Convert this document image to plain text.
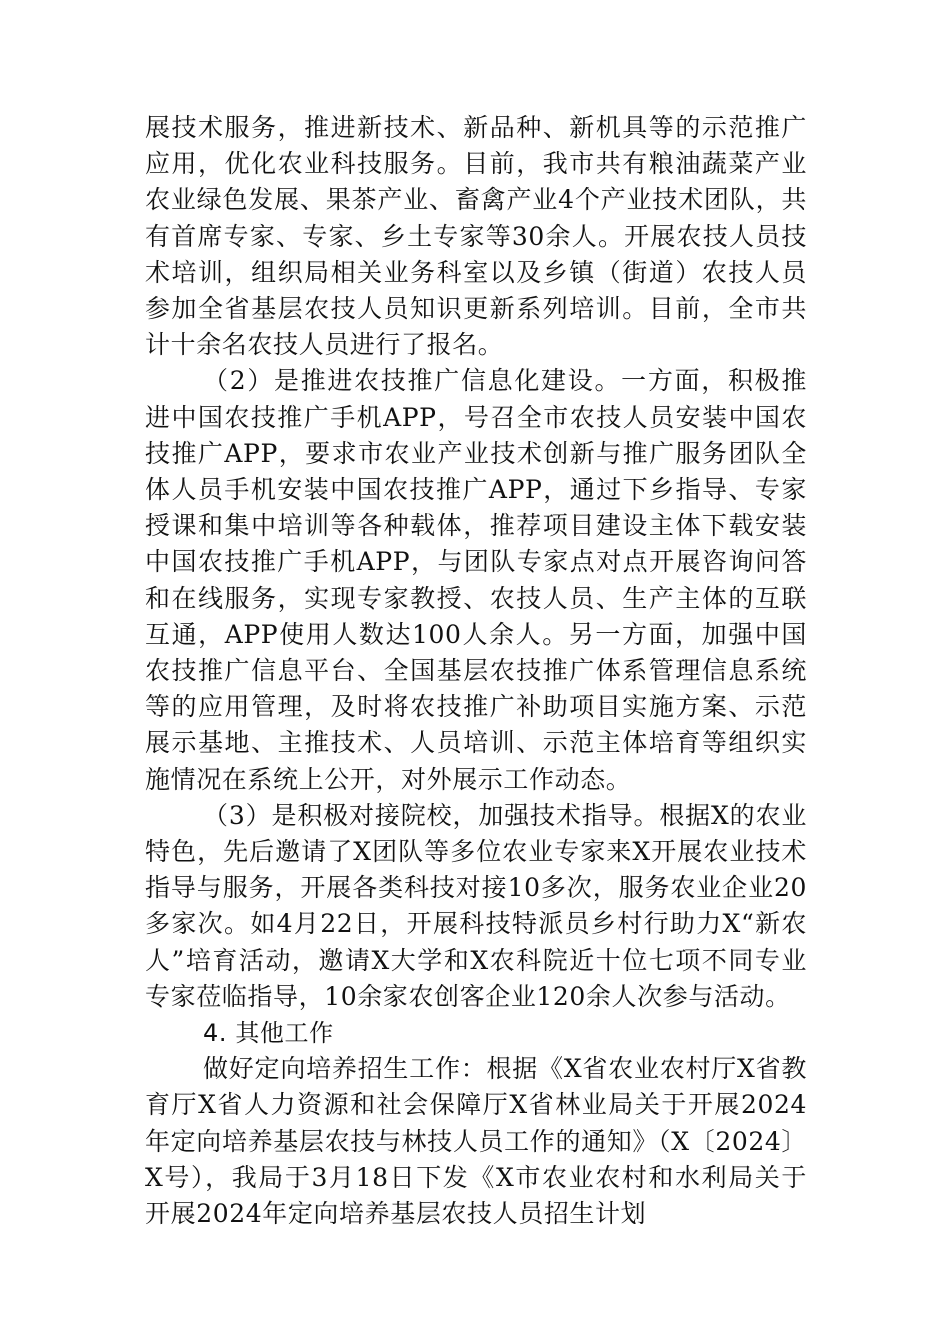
展技术服务，推进新技术、新品种、新机具等的示范推广应用，优化农业科技服务。目前，我市共有粮油蔬菜产业农业绿色发展、果茶产业、畜禽产业4个产业技术团队，共有首席专家、专家、乡土专家等30余人。开展农技人员技术培训，组织局相关业务科室以及乡镇（街道）农技人员参加全省基层农技人员知识更新系列培训。目前，全市共计十余名农技人员进行了报名。

（2）是推进农技推广信息化建设。一方面，积极推进中国农技推广手机APP，号召全市农技人员安装中国农技推广APP，要求市农业产业技术创新与推广服务团队全体人员手机安装中国农技推广APP，通过下乡指导、专家授课和集中培训等各种载体，推荐项目建设主体下载安装中国农技推广手机APP，与团队专家点对点开展咨询问答和在线服务，实现专家教授、农技人员、生产主体的互联互通，APP使用人数达100人余人。另一方面，加强中国农技推广信息平台、全国基层农技推广体系管理信息系统等的应用管理，及时将农技推广补助项目实施方案、示范展示基地、主推技术、人员培训、示范主体培育等组织实施情况在系统上公开，对外展示工作动态。

（3）是积极对接院校，加强技术指导。根据X的农业特色，先后邀请了X团队等多位农业专家来X开展农业技术指导与服务，开展各类科技对接10多次，服务农业企业20多家次。如4月22日，开展科技特派员乡村行助力X“新农人”培育活动，邀请X大学和X农科院近十位七项不同专业专家莅临指导，10余家农创客企业120余人次参与活动。

4. 其他工作

做好定向培养招生工作：根据《X省农业农村厅X省教育厅X省人力资源和社会保障厅X省林业局关于开展2024年定向培养基层农技与林技人员工作的通知》（X〔2024〕X号），我局于3月18日下发《X市农业农村和水利局关于开展2024年定向培养基层农技人员招生计划
